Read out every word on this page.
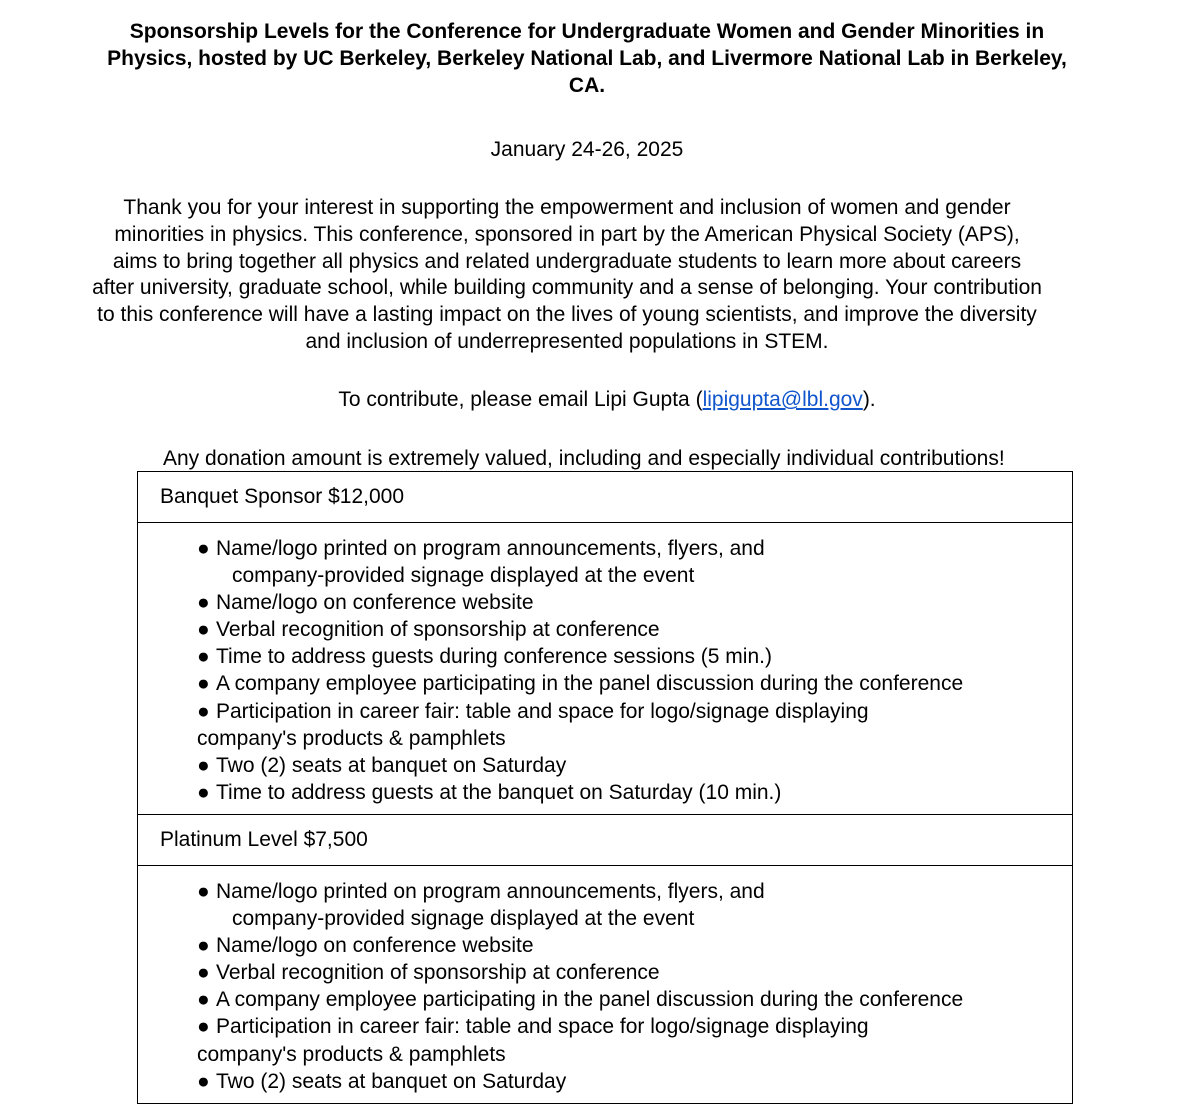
Sponsorship Levels for the Conference for Undergraduate Women and Gender Minorities in Physics, hosted by UC Berkeley, Berkeley National Lab, and Livermore National Lab in Berkeley, CA.
January 24-26, 2025

Thank you for your interest in supporting the empowerment and inclusion of women and gender minorities in physics. This conference, sponsored in part by the American Physical Society (APS), aims to bring together all physics and related undergraduate students to learn more about careers after university, graduate school, while building community and a sense of belonging. Your contribution to this conference will have a lasting impact on the lives of young scientists, and improve the diversity and inclusion of underrepresented populations in STEM.

To contribute, please email Lipi Gupta (lipigupta@lbl.gov).
Any donation amount is extremely valued, including and especially individual contributions!
Banquet Sponsor $12,000

● Name/logo printed on program announcements, flyers, and
company-provided signage displayed at the event
● Name/logo on conference website
● Verbal recognition of sponsorship at conference
● Time to address guests during conference sessions (5 min.)
● A company employee participating in the panel discussion during the conference
● Participation in career fair: table and space for logo/signage displaying
company's products & pamphlets
● Two (2) seats at banquet on Saturday
● Time to address guests at the banquet on Saturday (10 min.)

Platinum Level $7,500

● Name/logo printed on program announcements, flyers, and
company-provided signage displayed at the event
● Name/logo on conference website
● Verbal recognition of sponsorship at conference
● A company employee participating in the panel discussion during the conference
● Participation in career fair: table and space for logo/signage displaying
company's products & pamphlets
● Two (2) seats at banquet on Saturday
